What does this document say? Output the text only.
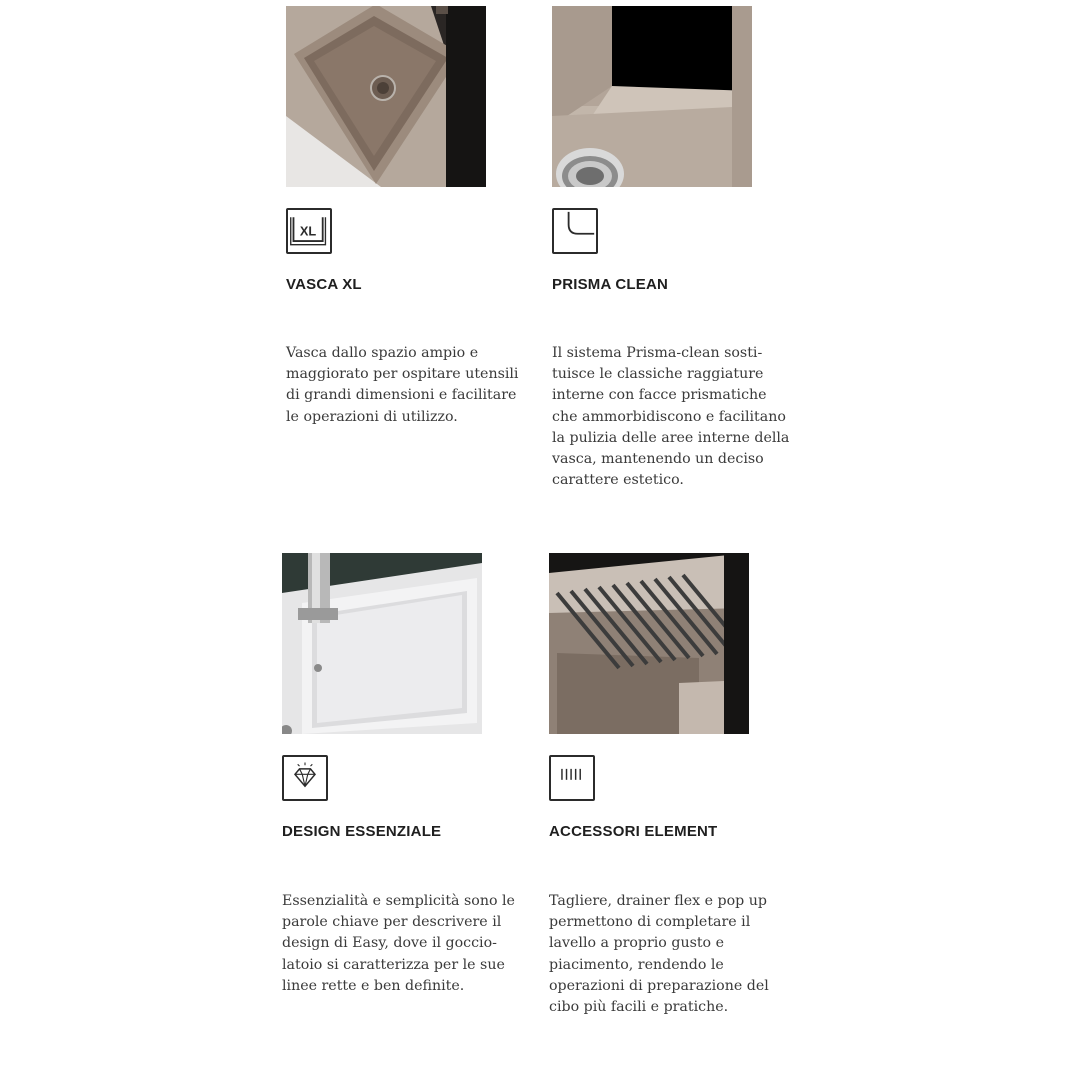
XL
VASCA XL
Vasca dallo spazio ampio e
maggiorato per ospitare utensili
di grandi dimensioni e facilitare
le operazioni di utilizzo.
PRISMA CLEAN
Il sistema Prisma-clean sosti-
tuisce le classiche raggiature
interne con facce prismatiche
che ammorbidiscono e facilitano
la pulizia delle aree interne della
vasca, mantenendo un deciso
carattere estetico.
DESIGN ESSENZIALE
Essenzialità e semplicità sono le
parole chiave per descrivere il
design di Easy, dove il goccio-
latoio si caratterizza per le sue
linee rette e ben definite.
ACCESSORI ELEMENT
Tagliere, drainer flex e pop up
permettono di completare il
lavello a proprio gusto e
piacimento, rendendo le
operazioni di preparazione del
cibo più facili e pratiche.
